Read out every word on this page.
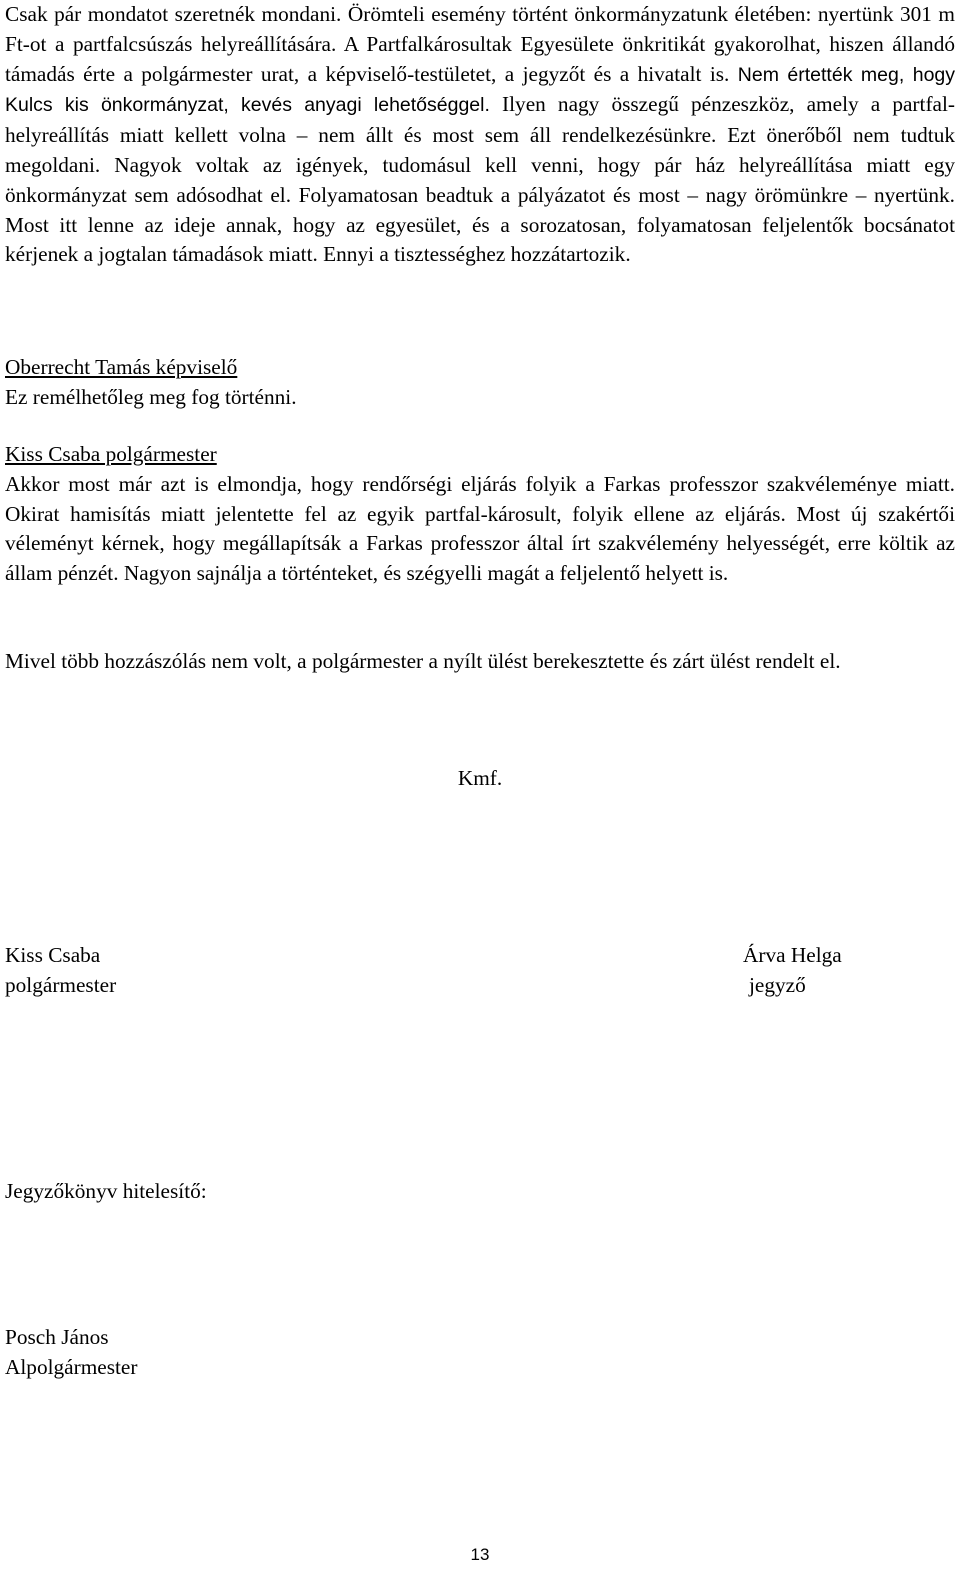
Csak pár mondatot szeretnék mondani. Örömteli esemény történt önkormányzatunk életében: nyertünk 301 m Ft-ot a partfalcsúszás helyreállítására. A Partfalkárosultak Egyesülete önkritikát gyakorolhat, hiszen állandó támadás érte a polgármester urat, a képviselő-testületet, a jegyzőt és a hivatalt is. Nem értették meg, hogy Kulcs kis önkormányzat, kevés anyagi lehetőséggel. Ilyen nagy összegű pénzeszköz, amely a partfal-helyreállítás miatt kellett volna – nem állt és most sem áll rendelkezésünkre. Ezt önerőből nem tudtuk megoldani. Nagyok voltak az igények, tudomásul kell venni, hogy pár ház helyreállítása miatt egy önkormányzat sem adósodhat el. Folyamatosan beadtuk a pályázatot és most – nagy örömünkre – nyertünk. Most itt lenne az ideje annak, hogy az egyesület, és a sorozatosan, folyamatosan feljelentők bocsánatot kérjenek a jogtalan támadások miatt. Ennyi a tisztességhez hozzátartozik.

Oberrecht Tamás képviselő
Ez remélhetőleg meg fog történni.
Kiss Csaba polgármester
Akkor most már azt is elmondja, hogy rendőrségi eljárás folyik a Farkas professzor szakvéleménye miatt. Okirat hamisítás miatt jelentette fel az egyik partfal-károsult, folyik ellene az eljárás. Most új szakértői véleményt kérnek, hogy megállapítsák a Farkas professzor által írt szakvélemény helyességét, erre költik az állam pénzét. Nagyon sajnálja a történteket, és szégyelli magát a feljelentő helyett is.

Mivel több hozzászólás nem volt, a polgármester a nyílt ülést berekesztette és zárt ülést rendelt el.

Kmf.
Kiss Csaba
polgármester
Árva Helga
jegyző
Jegyzőkönyv hitelesítő:
Posch János
Alpolgármester
13
